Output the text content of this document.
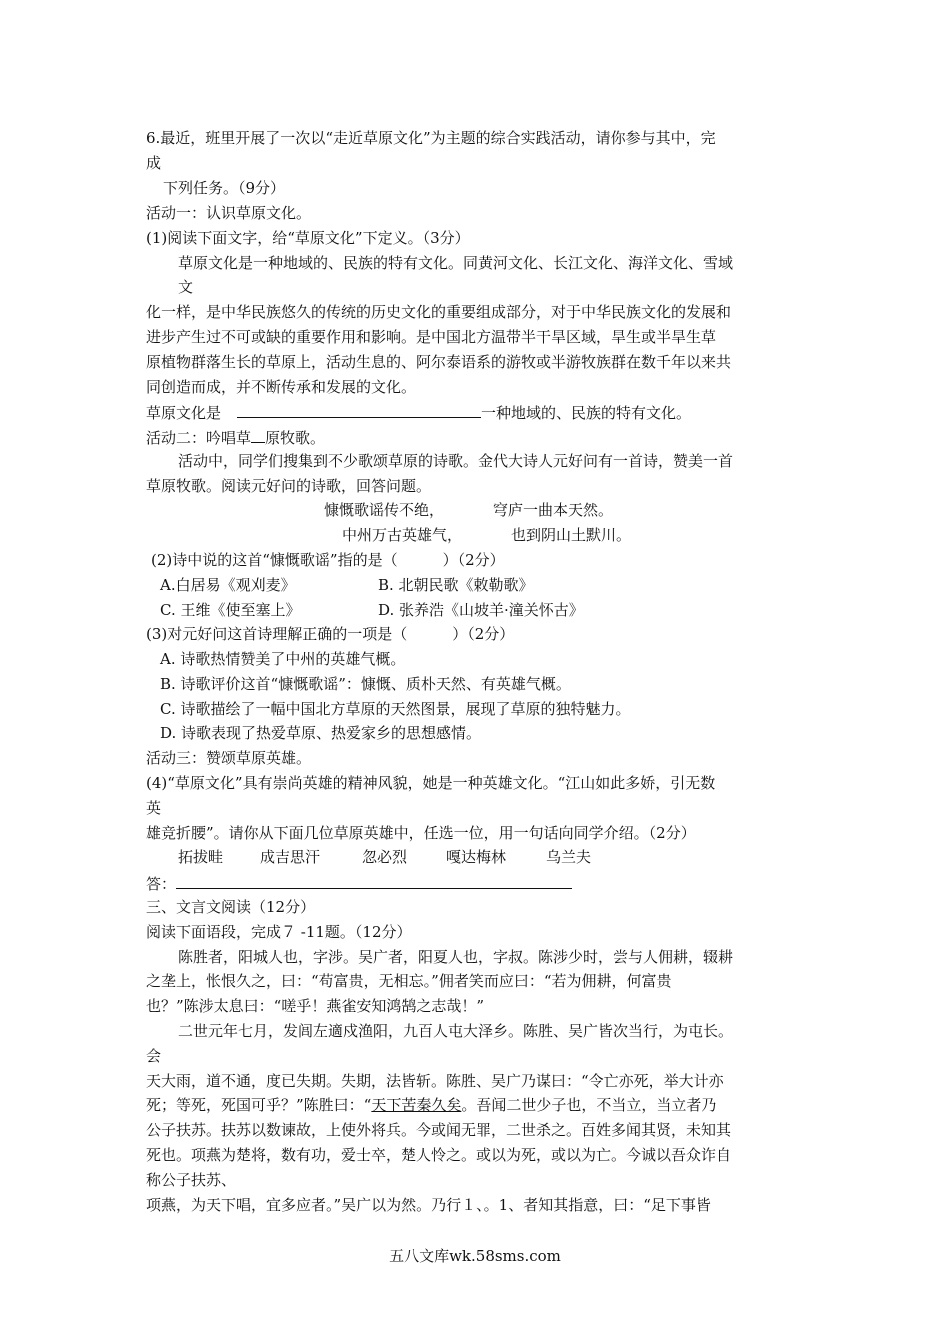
6.最近，班里开展了一次以“走近草原文化”为主题的综合实践活动，请你参与其中，完
成
下列任务。（9分）
活动一：认识草原文化。
(1)阅读下面文字，给“草原文化”下定义。（3分）
草原文化是一种地域的、民族的特有文化。同黄河文化、长江文化、海洋文化、雪域
文
化一样，是中华民族悠久的传统的历史文化的重要组成部分，对于中华民族文化的发展和
进步产生过不可或缺的重要作用和影响。是中国北方温带半干旱区域，旱生或半旱生草
原植物群落生长的草原上，活动生息的、阿尔泰语系的游牧或半游牧族群在数千年以来共
同创造而成，并不断传承和发展的文化。
草原文化是	一种地域的、民族的特有文化。
活动二：吟唱草 原牧歌。
活动中，同学们搜集到不少歌颂草原的诗歌。金代大诗人元好问有一首诗，赞美一首
草原牧歌。阅读元好问的诗歌，回答问题。
慷慨歌谣传不绝，	穹庐一曲本天然。
中州万古英雄气，	也到阴山土默川。
(2)诗中说的这首“慷慨歌谣”指的是（　　　）（2分）
A.白居易《观刈麦》	B. 北朝民歌《敕勒歌》
C. 王维《使至塞上》	D. 张养浩《山坡羊·潼关怀古》
(3)对元好问这首诗理解正确的一项是（　　　）（2分）
A. 诗歌热情赞美了中州的英雄气概。
B. 诗歌评价这首“慷慨歌谣”：慷慨、质朴天然、有英雄气概。
C. 诗歌描绘了一幅中国北方草原的天然图景，展现了草原的独特魅力。
D. 诗歌表现了热爱草原、热爱家乡的思想感情。
活动三：赞颂草原英雄。
(4)“草原文化”具有崇尚英雄的精神风貌，她是一种英雄文化。“江山如此多娇，引无数
英
雄竞折腰”。请你从下面几位草原英雄中，任选一位，用一句话向同学介绍。（2分）
拓拔畦 成吉思汗	忽必烈	嘎达梅林	乌兰夫
答：
三、文言文阅读（12分）
阅读下面语段，完成７ -11题。（12分）
陈胜者，阳城人也，字涉。吴广者，阳夏人也，字叔。陈涉少时，尝与人佣耕，辍耕
之垄上，怅恨久之，曰：“苟富贵，无相忘。”佣者笑而应曰：“若为佣耕，何富贵
也？”陈涉太息曰：“嗟乎！燕雀安知鸿鹄之志哉！”
二世元年七月，发闾左適戍渔阳，九百人屯大泽乡。陈胜、吴广皆次当行，为屯长。
会
天大雨，道不通，度已失期。失期，法皆斩。陈胜、吴广乃谋曰：“令亡亦死，举大计亦
死；等死，死国可乎？”陈胜曰：“天下苦秦久矣。吾闻二世少子也，不当立，当立者乃
公子扶苏。扶苏以数谏故，上使外将兵。今或闻无罪，二世杀之。百姓多闻其贤，未知其
死也。项燕为楚将，数有功，爱士卒，楚人怜之。或以为死，或以为亡。今诚以吾众诈自
称公子扶苏、
项燕，为天下唱，宜多应者。”吴广以为然。乃行１、。1、者知其指意，曰：“足下事皆
五八文库wk.58sms.com
